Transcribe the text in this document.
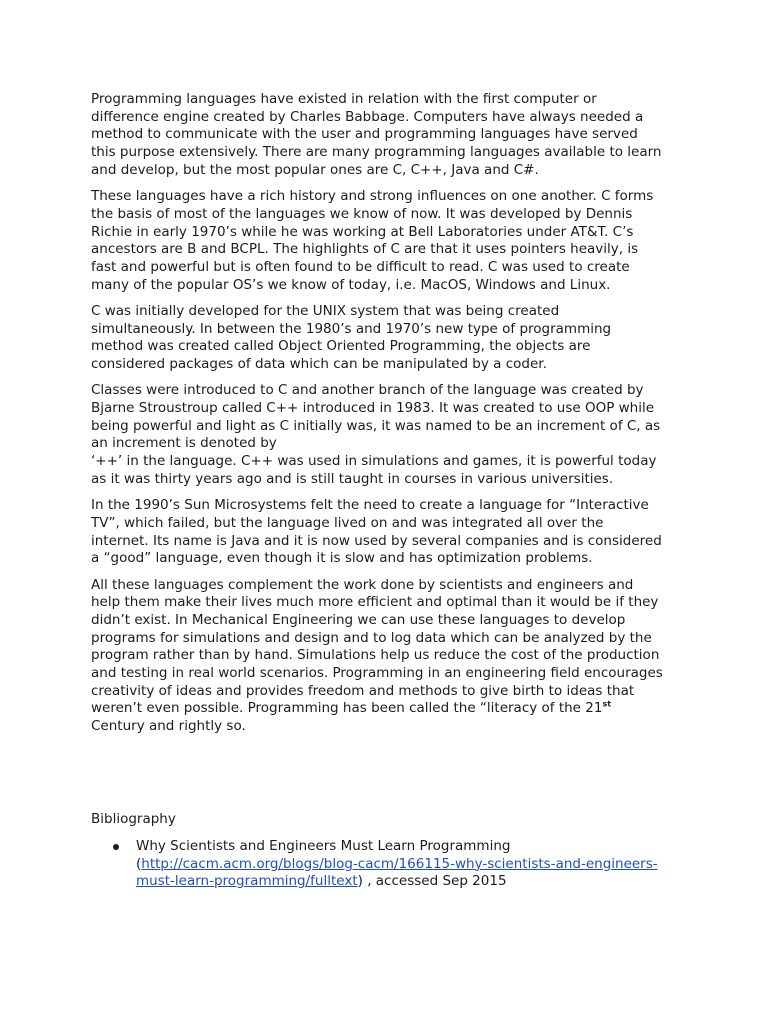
Programming languages have existed in relation with the first computer or
difference engine created by Charles Babbage. Computers have always needed a
method to communicate with the user and programming languages have served
this purpose extensively. There are many programming languages available to learn
and develop, but the most popular ones are C, C++, Java and C#.

These languages have a rich history and strong influences on one another. C forms
the basis of most of the languages we know of now. It was developed by Dennis
Richie in early 1970’s while he was working at Bell Laboratories under AT&T. C’s
ancestors are B and BCPL. The highlights of C are that it uses pointers heavily, is
fast and powerful but is often found to be difficult to read. C was used to create
many of the popular OS’s we know of today, i.e. MacOS, Windows and Linux.

C was initially developed for the UNIX system that was being created
simultaneously. In between the 1980’s and 1970’s new type of programming
method was created called Object Oriented Programming, the objects are
considered packages of data which can be manipulated by a coder.

Classes were introduced to C and another branch of the language was created by
Bjarne Stroustroup called C++ introduced in 1983. It was created to use OOP while
being powerful and light as C initially was, it was named to be an increment of C, as
an increment is denoted by
‘++’ in the language. C++ was used in simulations and games, it is powerful today
as it was thirty years ago and is still taught in courses in various universities.

In the 1990’s Sun Microsystems felt the need to create a language for “Interactive
TV”, which failed, but the language lived on and was integrated all over the
internet. Its name is Java and it is now used by several companies and is considered
a “good” language, even though it is slow and has optimization problems.

All these languages complement the work done by scientists and engineers and
help them make their lives much more efficient and optimal than it would be if they
didn’t exist. In Mechanical Engineering we can use these languages to develop
programs for simulations and design and to log data which can be analyzed by the
program rather than by hand. Simulations help us reduce the cost of the production
and testing in real world scenarios. Programming in an engineering field encourages
creativity of ideas and provides freedom and methods to give birth to ideas that
weren’t even possible. Programming has been called the “literacy of the 21st
Century and rightly so.

Bibliography

Why Scientists and Engineers Must Learn Programming
(http://cacm.acm.org/blogs/blog-cacm/166115-why-scientists-and-engineers-
must-learn-programming/fulltext) , accessed Sep 2015
